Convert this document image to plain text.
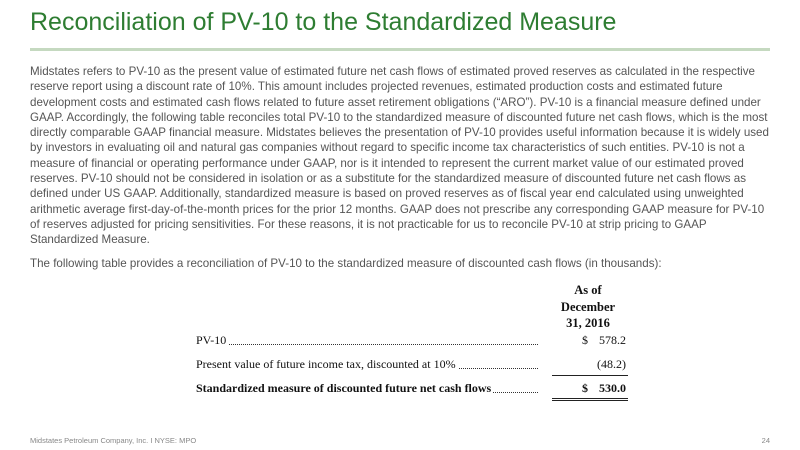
Reconciliation of PV-10 to the Standardized Measure

Midstates refers to PV-10 as the present value of estimated future net cash flows of estimated proved reserves as calculated in the respective reserve report using a discount rate of 10%. This amount includes projected revenues, estimated production costs and estimated future development costs and estimated cash flows related to future asset retirement obligations (“ARO”). PV-10 is a financial measure defined under GAAP. Accordingly, the following table reconciles total PV-10 to the standardized measure of discounted future net cash flows, which is the most directly comparable GAAP financial measure. Midstates believes the presentation of PV-10 provides useful information because it is widely used by investors in evaluating oil and natural gas companies without regard to specific income tax characteristics of such entities. PV-10 is not a measure of financial or operating performance under GAAP, nor is it intended to represent the current market value of our estimated proved reserves. PV-10 should not be considered in isolation or as a substitute for the standardized measure of discounted future net cash flows as defined under US GAAP. Additionally, standardized measure is based on proved reserves as of fiscal year end calculated using unweighted arithmetic average first-day-of-the-month prices for the prior 12 months. GAAP does not prescribe any corresponding GAAP measure for PV-10 of reserves adjusted for pricing sensitivities. For these reasons, it is not practicable for us to reconcile PV-10 at strip pricing to GAAP Standardized Measure.

The following table provides a reconciliation of PV-10 to the standardized measure of discounted cash flows (in thousands):

As of
December
31, 2016
PV-10	$ 578.2
Present value of future income tax, discounted at 10%	(48.2)
Standardized measure of discounted future net cash flows	$ 530.0
Midstates Petroleum Company, Inc. I NYSE: MPO	24
